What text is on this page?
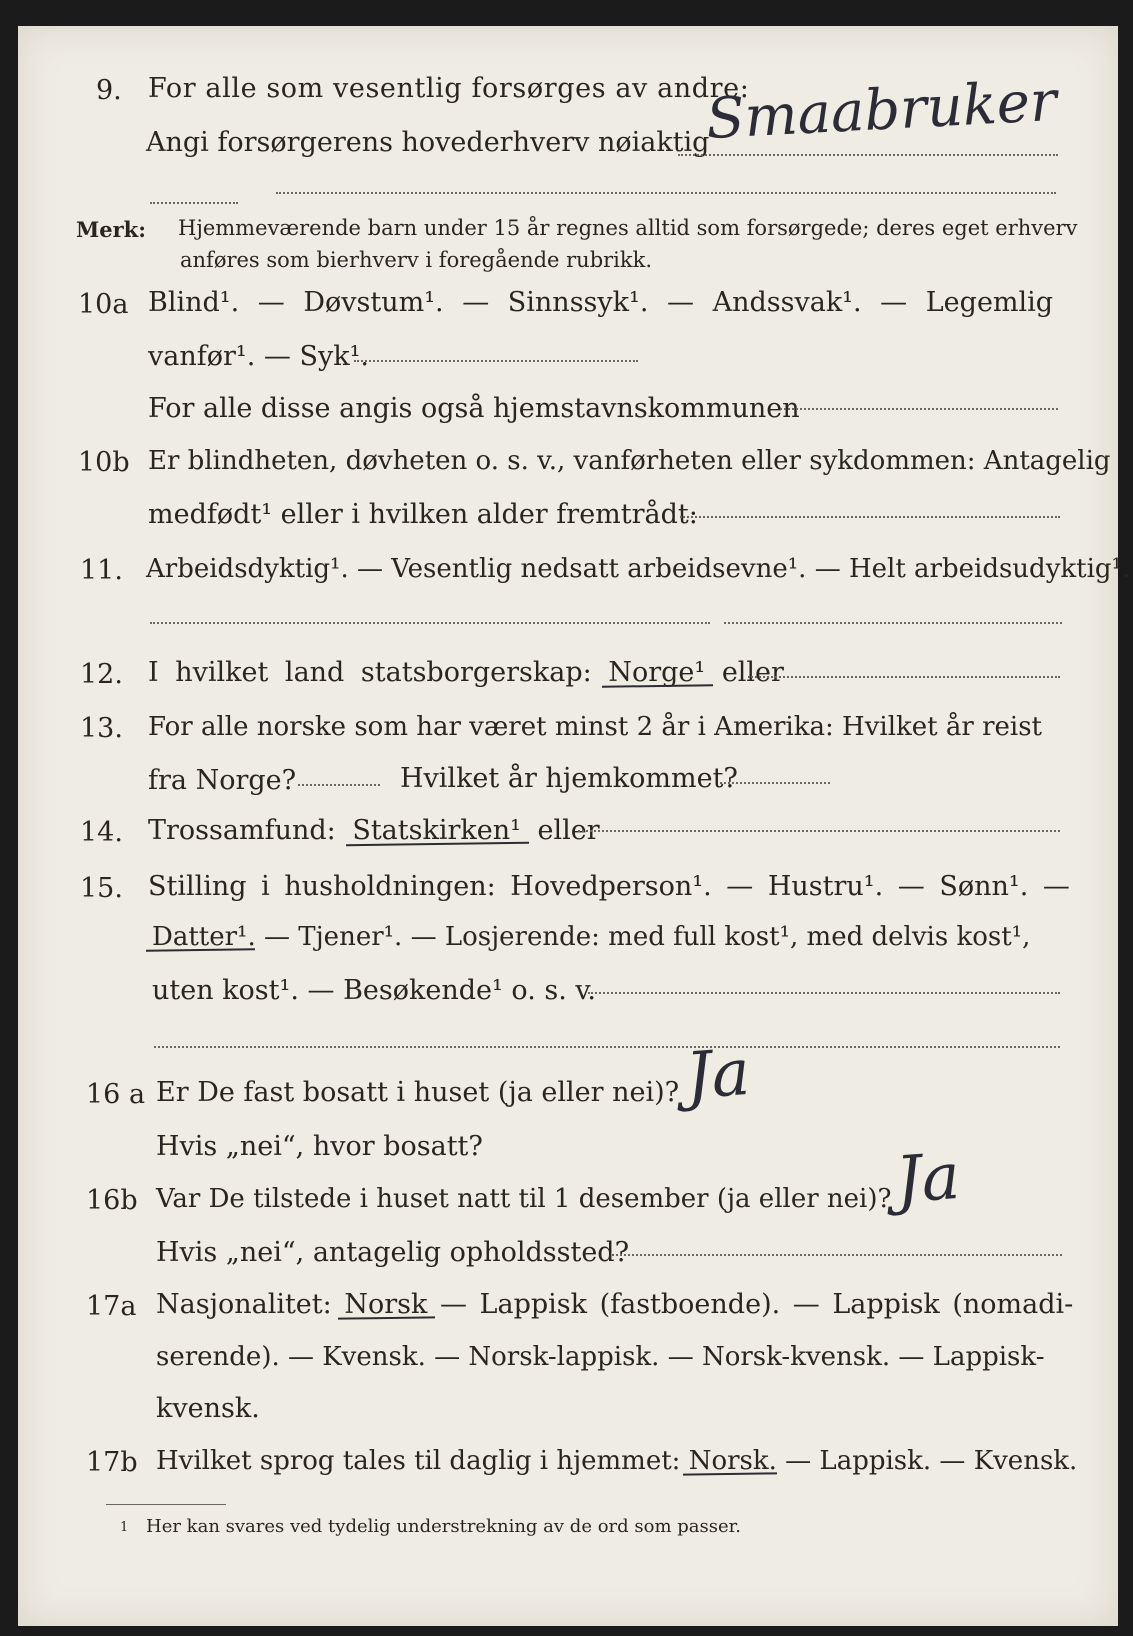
9. For alle som vesentlig forsørges av andre:
Angi forsørgerens hovederhverv nøiaktig
Smaabruker
Merk: Hjemmeværende barn under 15 år regnes alltid som forsørgede; deres eget erhverv
anføres som bierhverv i foregående rubrikk.
10a Blind¹. — Døvstum¹. — Sinnssyk¹. — Andssvak¹. — Legemlig
vanfør¹. — Syk¹.
For alle disse angis også hjemstavnskommunen
10b Er blindheten, døvheten o. s. v., vanførheten eller sykdommen: Antagelig
medfødt¹ eller i hvilken alder fremtrådt:
11. Arbeidsdyktig¹. — Vesentlig nedsatt arbeidsevne¹. — Helt arbeidsudyktig¹.
12. I hvilket land statsborgerskap: Norge¹ eller
13. For alle norske som har været minst 2 år i Amerika: Hvilket år reist
fra Norge?	Hvilket år hjemkommet?
14. Trossamfund: Statskirken¹ eller
15. Stilling i husholdningen: Hovedperson¹. — Hustru¹. — Sønn¹. —
Datter¹. — Tjener¹. — Losjerende: med full kost¹, med delvis kost¹,
uten kost¹. — Besøkende¹ o. s. v.
16 a Er De fast bosatt i huset (ja eller nei)? Ja
Hvis „nei“, hvor bosatt?
16b Var De tilstede i huset natt til 1 desember (ja eller nei)? Ja
Hvis „nei“, antagelig opholdssted?
17a Nasjonalitet: Norsk — Lappisk (fastboende). — Lappisk (nomadi-
serende). — Kvensk. — Norsk-lappisk. — Norsk-kvensk. — Lappisk-
kvensk.
17b Hvilket sprog tales til daglig i hjemmet: Norsk. — Lappisk. — Kvensk.
1 Her kan svares ved tydelig understrekning av de ord som passer.
